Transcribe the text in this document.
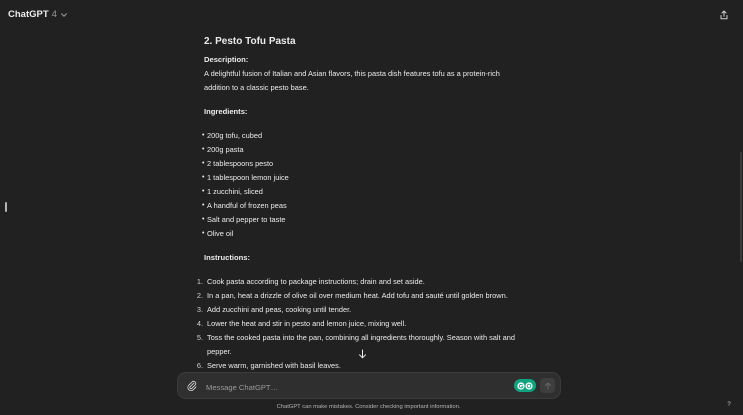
ChatGPT 4
2. Pesto Tofu Pasta
Description:
A delightful fusion of Italian and Asian flavors, this pasta dish features tofu as a protein-rich
addition to a classic pesto base.
Ingredients:
• 200g tofu, cubed
• 200g pasta
• 2 tablespoons pesto
• 1 tablespoon lemon juice
• 1 zucchini, sliced
• A handful of frozen peas
• Salt and pepper to taste
• Olive oil
Instructions:
1. Cook pasta according to package instructions; drain and set aside.
2. In a pan, heat a drizzle of olive oil over medium heat. Add tofu and sauté until golden brown.
3. Add zucchini and peas, cooking until tender.
4. Lower the heat and stir in pesto and lemon juice, mixing well.
5. Toss the cooked pasta into the pan, combining all ingredients thoroughly. Season with salt and
pepper.
6. Serve warm, garnished with basil leaves.
Message ChatGPT…
ChatGPT can make mistakes. Consider checking important information.	?
